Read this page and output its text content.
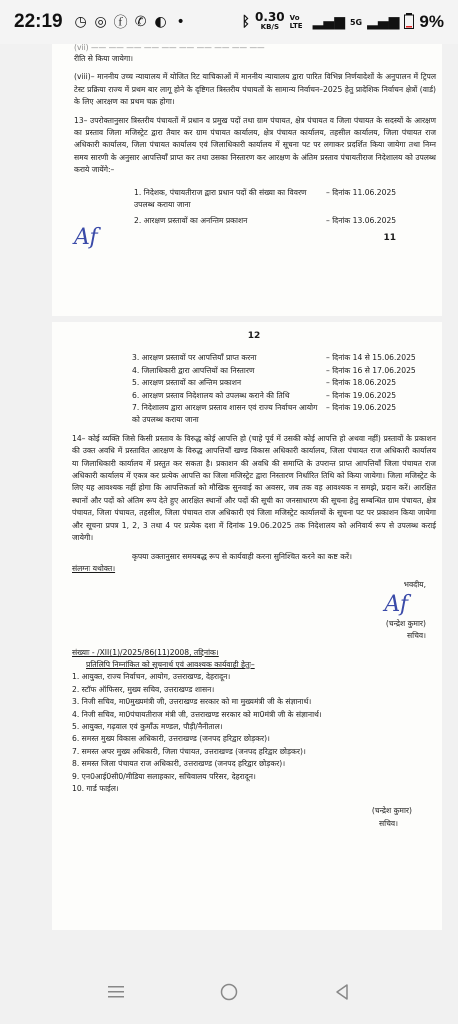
22:19 ◷ ◎ ⓕ ✆ ◐ •	ᛒ 0.30
KB/S
Vo LTE ▂▄▆ 5G ▂▄▆ 9%
(vii) —— —— —— —— —— —— —— —— —— ——
रीति से किया जायेगा।

(viii)– माननीय उच्च न्यायालय में योजित रिट याचिकाओं में माननीय न्यायालय द्वारा पारित विभिन्न निर्णयादेशों के अनुपालन में ट्रिपल टेस्ट प्रक्रिया राज्य में प्रथम बार लागू होने के दृष्टिगत त्रिस्तरीय पंचायतों के सामान्य निर्वाचन–2025 हेतु प्रादेशिक निर्वाचन क्षेत्रों (वार्ड) के लिए आरक्षण का प्रथम चक्र होगा।

13– उपरोक्तानुसार त्रिस्तरीय पंचायतों में प्रधान व प्रमुख पदों तथा ग्राम पंचायत, क्षेत्र पंचायत व जिला पंचायत के सदस्यों के आरक्षण का प्रस्ताव जिला मजिस्ट्रेट द्वारा तैयार कर ग्राम पंचायत कार्यालय, क्षेत्र पंचायत कार्यालय, तहसील कार्यालय, जिला पंचायत राज अधिकारी कार्यालय, जिला पंचायत कार्यालय एवं जिलाधिकारी कार्यालय में सूचना पट पर लगाकर प्रदर्शित किया जायेगा तथा निम्न समय सारणी के अनुसार आपत्तियाँ प्राप्त कर तथा उसका निस्तारण कर आरक्षण के अंतिम प्रस्ताव पंचायतीराज निदेशालय को उपलब्ध कराये जायेंगे:–

1. निदेशक, पंचायतीराज द्वारा प्रधान पदों की संख्या का विवरण उपलब्ध कराया जाना
– दिनांक 11.06.2025
2. आरक्षण प्रस्तावों का अनन्तिम प्रकाशन	– दिनांक 13.06.2025
Af	11
12
3. आरक्षण प्रस्तावों पर आपत्तियाँ प्राप्त करना	– दिनांक 14 से 15.06.2025
4. जिलाधिकारी द्वारा आपत्तियों का निस्तारण	– दिनांक 16 से 17.06.2025
5. आरक्षण प्रस्तावों का अन्तिम प्रकाशन	– दिनांक 18.06.2025
6. आरक्षण प्रस्ताव निदेशालय को उपलब्ध कराने की तिथि	– दिनांक 19.06.2025
7. निदेशालय द्वारा आरक्षण प्रस्ताव शासन एवं राज्य निर्वाचन आयोग को उपलब्ध कराया जाना
– दिनांक 19.06.2025

14– कोई व्यक्ति जिसे किसी प्रस्ताव के विरुद्ध कोई आपत्ति हो (चाहे पूर्व में उसकी कोई आपत्ति हो अथवा नहीं) प्रस्तावों के प्रकाशन की उक्त अवधि में प्रस्तावित आरक्षण के विरुद्ध आपत्तियाँ खण्ड विकास अधिकारी कार्यालय, जिला पंचायत राज अधिकारी कार्यालय या जिलाधिकारी कार्यालय में प्रस्तुत कर सकता है। प्रकाशन की अवधि की समाप्ति के उपरान्त प्राप्त आपत्तियाँ जिला पंचायत राज अधिकारी कार्यालय में एकत्र कर प्रत्येक आपत्ति का जिला मजिस्ट्रेट द्वारा निस्तारण निर्धारित तिथि को किया जायेगा। जिला मजिस्ट्रेट के लिए यह आवश्यक नहीं होगा कि आपत्तिकर्ता को मौखिक सुनवाई का अवसर, जब तक वह आवश्यक न समझे, प्रदान करें। आरक्षित स्थानों और पदों को अंतिम रूप देते हुए आरक्षित स्थानों और पदों की सूची का जनसाधारण की सूचना हेतु सम्बन्धित ग्राम पंचायत, क्षेत्र पंचायत, जिला पंचायत, तहसील, जिला पंचायत राज अधिकारी एवं जिला मजिस्ट्रेट कार्यालयों के सूचना पट पर प्रकाशन किया जायेगा और सूचना प्रपत्र 1, 2, 3 तथा 4 पर प्रत्येक दशा में दिनांक 19.06.2025 तक निदेशालय को अनिवार्य रूप से उपलब्ध कराई जायेगी।

कृपया उक्तानुसार समयबद्ध रूप से कार्यवाही करना सुनिश्चित करने का कष्ट करें।

संलग्नः यथोक्त।

भवदीय,
Af
(चन्द्रेश कुमार)
सचिव।

संख्याः ‑ /XII(1)/2025/86(11)2008, तद्दिनांक।

प्रतिलिपि निम्नांकित को सूचनार्थ एवं आवश्यक कार्यवाही हेतुः–

1. आयुक्त, राज्य निर्वाचन, आयोग, उत्तराखण्ड, देहरादून।
2. स्टॉफ ऑफिसर, मुख्य सचिव, उत्तराखण्ड शासन।
3. निजी सचिव, मा0मुख्यमंत्री जी, उत्तराखण्ड सरकार को मा मुख्यमंत्री जी के संज्ञानार्थ।
4. निजी सचिव, मा0पंचायतीराज मंत्री जी, उत्तराखण्ड सरकार को मा0मंत्री जी के संज्ञानार्थ।
5. आयुक्त, गढ़वाल एवं कुमाँऊ मण्डल, पौड़ी/नैनीताल।
6. समस्त मुख्य विकास अधिकारी, उत्तराखण्ड (जनपद हरिद्वार छोड़कर)।
7. समस्त अपर मुख्य अधिकारी, जिला पंचायत, उत्तराखण्ड (जनपद हरिद्वार छोड़कर)।
8. समस्त जिला पंचायत राज अधिकारी, उत्तराखण्ड (जनपद हरिद्वार छोड़कर)।
9. एन0आई0सी0/मीडिया सलाहकार, सचिवालय परिसर, देहरादून।
10. गार्ड फाईल।
(चन्द्रेश कुमार)
सचिव।
